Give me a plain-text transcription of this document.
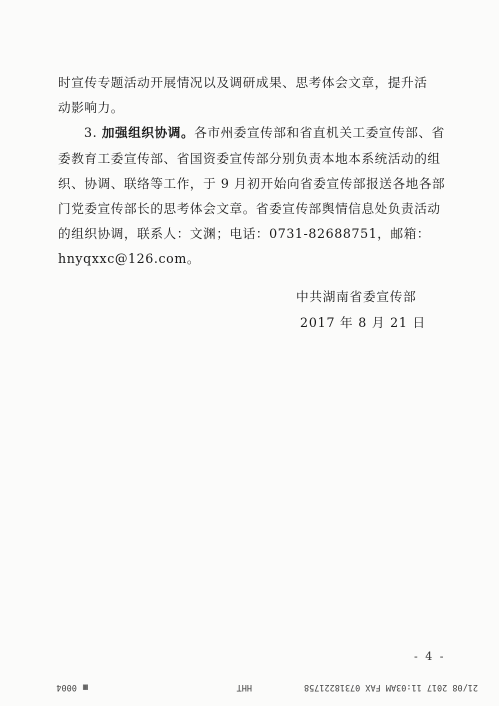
时宣传专题活动开展情况以及调研成果、思考体会文章，提升活
动影响力。
3. 加强组织协调。各市州委宣传部和省直机关工委宣传部、省
委教育工委宣传部、省国资委宣传部分别负责本地本系统活动的组
织、协调、联络等工作，于 9 月初开始向省委宣传部报送各地各部
门党委宣传部长的思考体会文章。省委宣传部舆情信息处负责活动
的组织协调，联系人：文渊；电话：0731-82688751，邮箱：
hnyqxxc@126.com。
中共湖南省委宣传部
2017 年 8 月 21 日
- 4 -
21/08 2017 11:03AM FAX 07318221758
HHT
▦0004
